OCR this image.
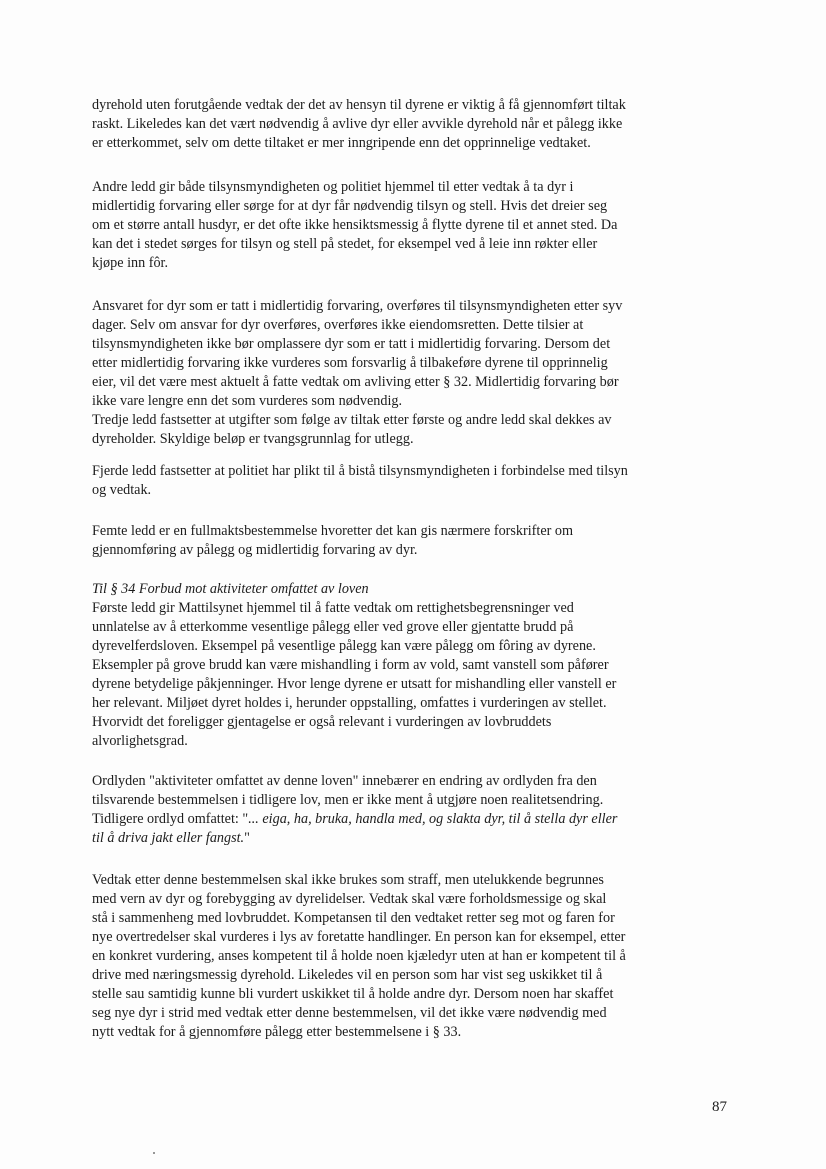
dyrehold uten forutgående vedtak der det av hensyn til dyrene er viktig å få gjennomført tiltak
raskt. Likeledes kan det vært nødvendig å avlive dyr eller avvikle dyrehold når et pålegg ikke
er etterkommet, selv om dette tiltaket er mer inngripende enn det opprinnelige vedtaket.

Andre ledd gir både tilsynsmyndigheten og politiet hjemmel til etter vedtak å ta dyr i
midlertidig forvaring eller sørge for at dyr får nødvendig tilsyn og stell. Hvis det dreier seg
om et større antall husdyr, er det ofte ikke hensiktsmessig å flytte dyrene til et annet sted. Da
kan det i stedet sørges for tilsyn og stell på stedet, for eksempel ved å leie inn røkter eller
kjøpe inn fôr.

Ansvaret for dyr som er tatt i midlertidig forvaring, overføres til tilsynsmyndigheten etter syv
dager. Selv om ansvar for dyr overføres, overføres ikke eiendomsretten. Dette tilsier at
tilsynsmyndigheten ikke bør omplassere dyr som er tatt i midlertidig forvaring. Dersom det
etter midlertidig forvaring ikke vurderes som forsvarlig å tilbakeføre dyrene til opprinnelig
eier, vil det være mest aktuelt å fatte vedtak om avliving etter § 32. Midlertidig forvaring bør
ikke vare lengre enn det som vurderes som nødvendig.
Tredje ledd fastsetter at utgifter som følge av tiltak etter første og andre ledd skal dekkes av
dyreholder. Skyldige beløp er tvangsgrunnlag for utlegg.

Fjerde ledd fastsetter at politiet har plikt til å bistå tilsynsmyndigheten i forbindelse med tilsyn
og vedtak.

Femte ledd er en fullmaktsbestemmelse hvoretter det kan gis nærmere forskrifter om
gjennomføring av pålegg og midlertidig forvaring av dyr.

Til § 34 Forbud mot aktiviteter omfattet av loven
Første ledd gir Mattilsynet hjemmel til å fatte vedtak om rettighetsbegrensninger ved
unnlatelse av å etterkomme vesentlige pålegg eller ved grove eller gjentatte brudd på
dyrevelferdsloven. Eksempel på vesentlige pålegg kan være pålegg om fôring av dyrene.
Eksempler på grove brudd kan være mishandling i form av vold, samt vanstell som påfører
dyrene betydelige påkjenninger. Hvor lenge dyrene er utsatt for mishandling eller vanstell er
her relevant. Miljøet dyret holdes i, herunder oppstalling, omfattes i vurderingen av stellet.
Hvorvidt det foreligger gjentagelse er også relevant i vurderingen av lovbruddets
alvorlighetsgrad.

Ordlyden "aktiviteter omfattet av denne loven" innebærer en endring av ordlyden fra den
tilsvarende bestemmelsen i tidligere lov, men er ikke ment å utgjøre noen realitetsendring.
Tidligere ordlyd omfattet: "... eiga, ha, bruka, handla med, og slakta dyr, til å stella dyr eller
til å driva jakt eller fangst."

Vedtak etter denne bestemmelsen skal ikke brukes som straff, men utelukkende begrunnes
med vern av dyr og forebygging av dyrelidelser. Vedtak skal være forholdsmessige og skal
stå i sammenheng med lovbruddet. Kompetansen til den vedtaket retter seg mot og faren for
nye overtredelser skal vurderes i lys av foretatte handlinger. En person kan for eksempel, etter
en konkret vurdering, anses kompetent til å holde noen kjæledyr uten at han er kompetent til å
drive med næringsmessig dyrehold. Likeledes vil en person som har vist seg uskikket til å
stelle sau samtidig kunne bli vurdert uskikket til å holde andre dyr. Dersom noen har skaffet
seg nye dyr i strid med vedtak etter denne bestemmelsen, vil det ikke være nødvendig med
nytt vedtak for å gjennomføre pålegg etter bestemmelsene i § 33.

87
